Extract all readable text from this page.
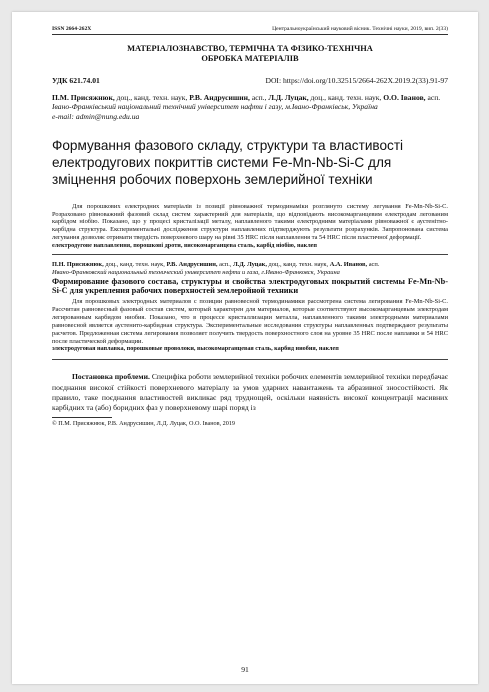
ISSN 2664-262X	Центральноукраїнський науковий вісник. Технічні науки, 2019, вип. 2(33)
МАТЕРІАЛОЗНАВСТВО, ТЕРМІЧНА ТА ФІЗИКО-ТЕХНІЧНА
ОБРОБКА МАТЕРІАЛІВ
УДК 621.74.01	DOI: https://doi.org/10.32515/2664-262X.2019.2(33).91-97
П.М. Присяжнюк, доц., канд. техн. наук, Р.В. Андрусишин, асп., Л.Д. Луцак, доц., канд. техн. наук, О.О. Іванов, асп.
Івано-Франківський національний технічний університет нафти і газу, м.Івано-Франківськ, Україна
e-mail: admin@nung.edu.ua
Формування фазового складу, структури та властивості електродугових покриттів системи Fe-Mn-Nb-Si-C для зміцнення робочих поверхонь землерийної техніки

Для порошкових електродних матеріалів із позиції рівноважної термодинаміки розглянуто систему легування Fe-Mn-Nb-Si-C. Розраховано рівноважний фазовий склад систем характерний для матеріалів, що відповідають високомарганцевим електродам легованим карбідом ніобію. Показано, що у процесі кристалізації металу, наплавленого такими електродними матеріалами рівноважної є аустенітно-карбідна структура. Експериментальні дослідження структури наплавлених підтверджують результати розрахунків. Запропонована система легування дозволяє отримати твердість поверхневого шару на рівні 35 HRC після наплавлення та 54 HRC після пластичної деформації.

електродугове наплавлення, порошкові дроти, високомарганцева сталь, карбід ніобію, наклеп
П.Н. Присяжнюк, доц., канд. техн. наук, Р.В. Андрусишин, асп., Л.Д. Луцак, доц., канд. техн. наук, А.А. Иванов, асп.
Ивано-Франковский национальный технический университет нефти и газа, г.Ивано-Франковск, Украина
Формирование фазового состава, структуры и свойства электродуговых покрытий системы Fe-Mn-Nb-Si-C для укрепления рабочих поверхностей землеройной техники

Для порошковых электродных материалов с позиции равновесной термодинамики рассмотрена система легирования Fe-Mn-Nb-Si-C. Рассчитан равновесный фазовый состав систем, который характерен для материалов, которые соответствуют высокомарганцевым электродам легированным карбидом ниобия. Показано, что в процессе кристаллизации металла, наплавленного такими электродными материалами равновесной является аустенито-карбидная структура. Экспериментальные исследования структуры наплавленных подтверждают результаты расчетов. Предложенная система легирования позволяет получить твердость поверхностного слоя на уровне 35 HRC после наплавки и 54 HRC после пластической деформации.

электродуговая наплавка, порошковые проволоки, высокомарганцевая сталь, карбид ниобия, наклеп

Постановка проблеми. Специфіка роботи землерийної техніки робочих елементів землерийної техніки передбачає поєднання високої стійкості поверхневого матеріалу за умов ударних навантажень та абразивної зносостійкості. Як правило, таке поєднання властивостей викликає ряд труднощей, оскільки наявність високої концентрації масивних карбідних та (або) боридних фаз у поверхневому шарі поряд із

© П.М. Присяжнюк, Р.В. Андрусишин, Л.Д. Луцак, О.О. Іванов, 2019
91
